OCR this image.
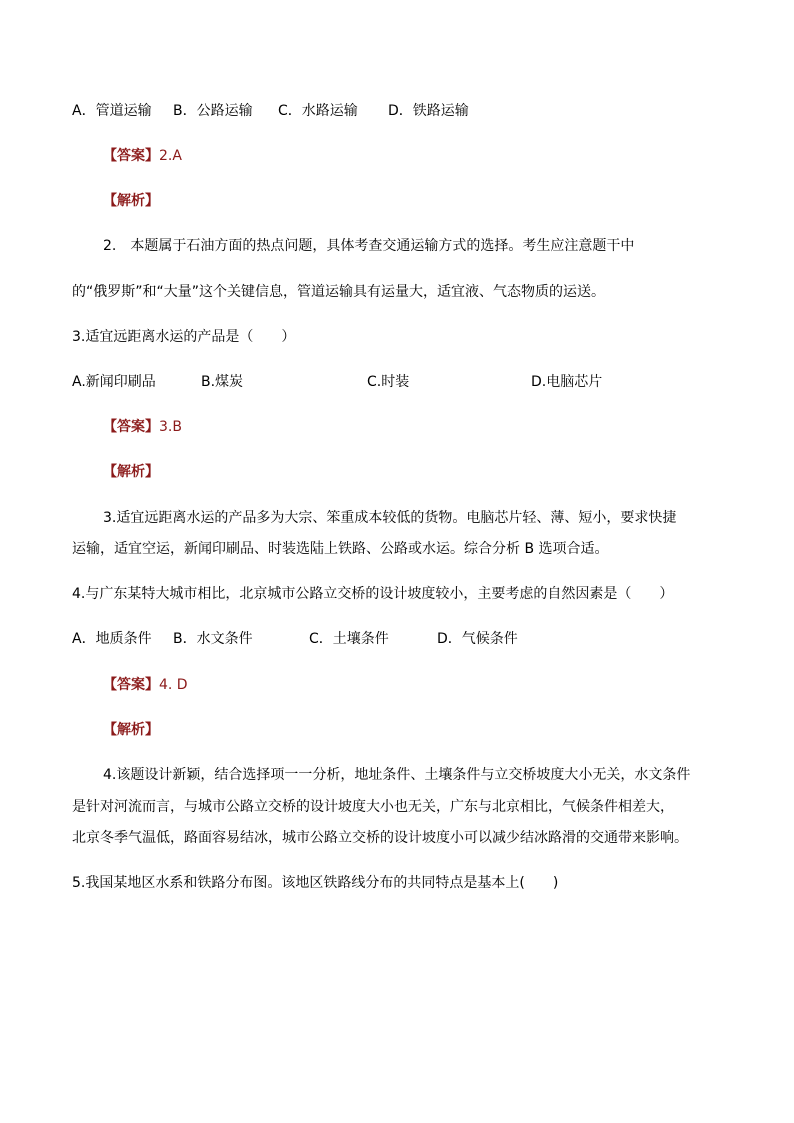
A．管道运输 B．公路运输 C．水路运输 D．铁路运输
【答案】2.A
【解析】
2. 本题属于石油方面的热点问题，具体考查交通运输方式的选择。考生应注意题干中
的“俄罗斯”和“大量”这个关键信息，管道运输具有运量大，适宜液、气态物质的运送。
3.适宜远距离水运的产品是（　　）
A.新闻印刷品	B.煤炭	C.时装	D.电脑芯片
【答案】3.B
【解析】
3.适宜远距离水运的产品多为大宗、笨重成本较低的货物。电脑芯片轻、薄、短小，要求快捷
运输，适宜空运，新闻印刷品、时装选陆上铁路、公路或水运。综合分析 B 选项合适。
4.与广东某特大城市相比，北京城市公路立交桥的设计坡度较小，主要考虑的自然因素是（　　）
A．地质条件 B．水文条件	C．土壤条件	D．气候条件
【答案】4. D
【解析】
4.该题设计新颖，结合选择项一一分析，地址条件、土壤条件与立交桥坡度大小无关，水文条件
是针对河流而言，与城市公路立交桥的设计坡度大小也无关，广东与北京相比，气候条件相差大，
北京冬季气温低，路面容易结冰，城市公路立交桥的设计坡度小可以减少结冰路滑的交通带来影响。
5.我国某地区水系和铁路分布图。该地区铁路线分布的共同特点是基本上(　　)
